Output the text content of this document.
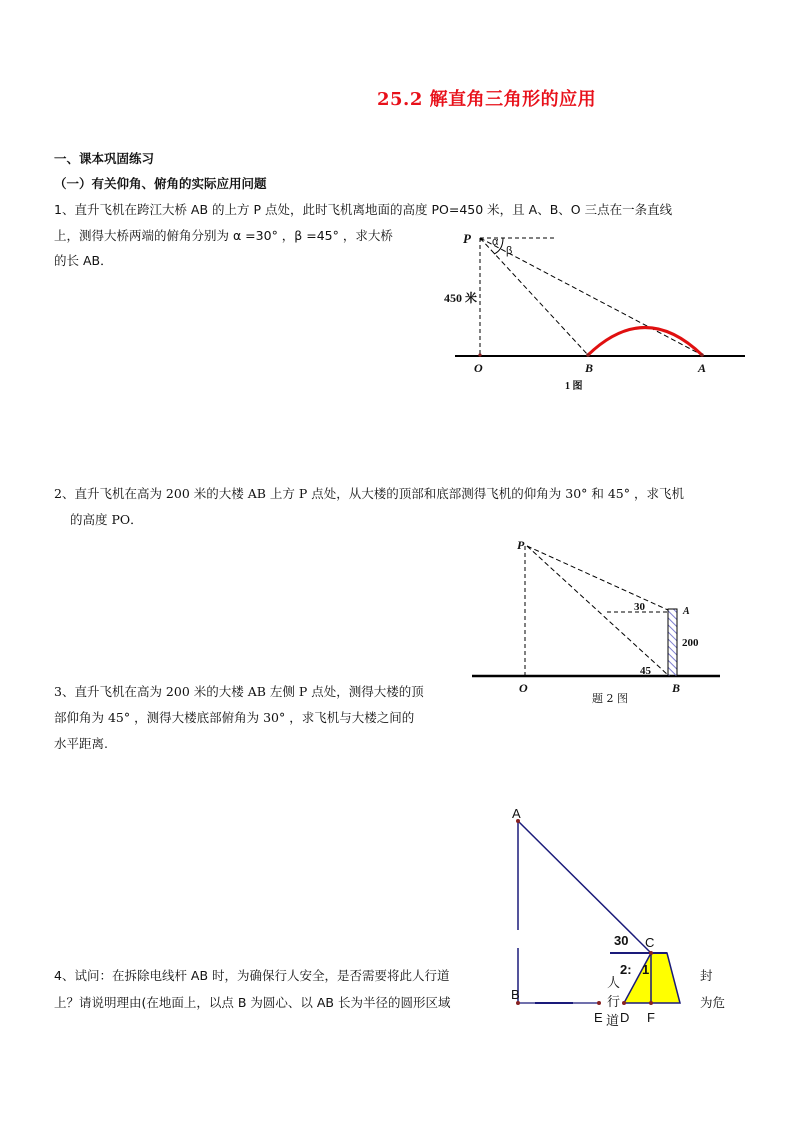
25.2 解直角三角形的应用
一、课本巩固练习
（一）有关仰角、俯角的实际应用问题
1、直升飞机在跨江大桥 AB 的上方 P 点处，此时飞机离地面的高度 PO=450 米，且 A、B、O 三点在一条直线
上，测得大桥两端的俯角分别为 α =30° ，β =45° ，求大桥
的长 AB．
P α
β
450 米
O	B	A
1 图
2、直升飞机在高为 200 米的大楼 AB 上方 P 点处，从大楼的顶部和底部测得飞机的仰角为 30° 和 45° ，求飞机
的高度 PO．
P
30	A
200
45
O	B
题 2 图
3、直升飞机在高为 200 米的大楼 AB 左侧 P 点处，测得大楼的顶
部仰角为 45° ，测得大楼底部俯角为 30° ，求飞机与大楼之间的
水平距离.
4、试问：在拆除电线杆 AB 时，为确保行人安全，是否需要将此人行道
上？请说明理由(在地面上，以点 B 为圆心、以 AB 长为半径的圆形区域
封
为危
A
B
C
30
2: 1
人
行
E 道 D F
